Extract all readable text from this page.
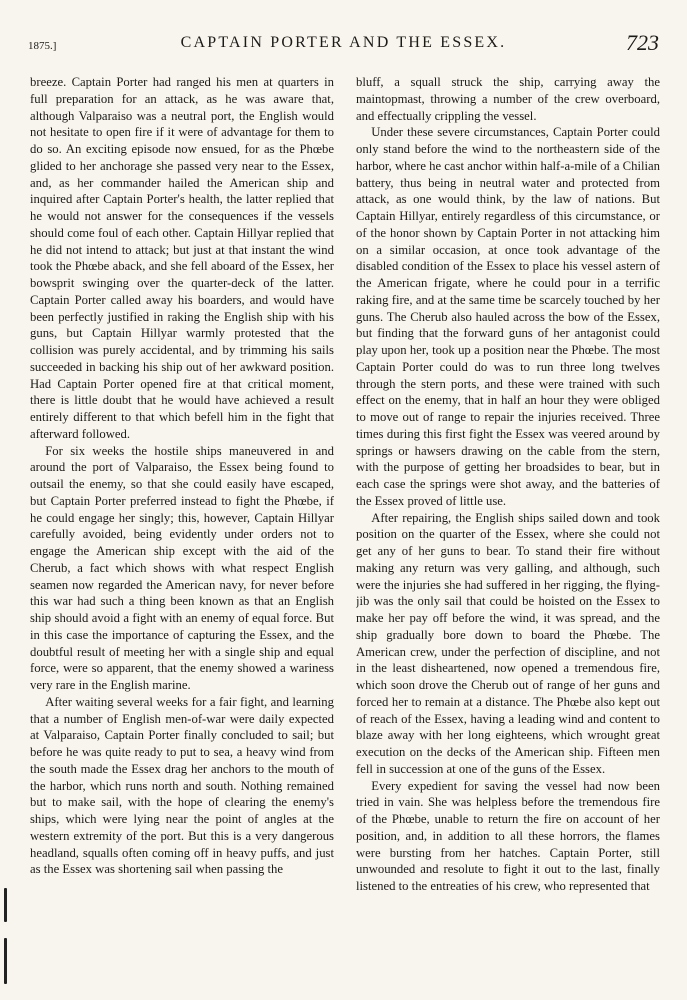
1875.]	CAPTAIN PORTER AND THE ESSEX.	723

breeze. Captain Porter had ranged his men at quarters in full preparation for an attack, as he was aware that, although Valparaiso was a neutral port, the English would not hesitate to open fire if it were of advantage for them to do so. An exciting episode now ensued, for as the Phœbe glided to her anchorage she passed very near to the Essex, and, as her commander hailed the American ship and inquired after Captain Porter's health, the latter replied that he would not answer for the consequences if the vessels should come foul of each other. Captain Hillyar replied that he did not intend to attack; but just at that instant the wind took the Phœbe aback, and she fell aboard of the Essex, her bowsprit swinging over the quarter-deck of the latter. Captain Porter called away his boarders, and would have been perfectly justified in raking the English ship with his guns, but Captain Hillyar warmly protested that the collision was purely accidental, and by trimming his sails succeeded in backing his ship out of her awkward position. Had Captain Porter opened fire at that critical moment, there is little doubt that he would have achieved a result entirely different to that which befell him in the fight that afterward followed.

For six weeks the hostile ships maneuvered in and around the port of Valparaiso, the Essex being found to outsail the enemy, so that she could easily have escaped, but Captain Porter preferred instead to fight the Phœbe, if he could engage her singly; this, however, Captain Hillyar carefully avoided, being evidently under orders not to engage the American ship except with the aid of the Cherub, a fact which shows with what respect English seamen now regarded the American navy, for never before this war had such a thing been known as that an English ship should avoid a fight with an enemy of equal force. But in this case the importance of capturing the Essex, and the doubtful result of meeting her with a single ship and equal force, were so apparent, that the enemy showed a wariness very rare in the English marine.

After waiting several weeks for a fair fight, and learning that a number of English men-of-war were daily expected at Valparaiso, Captain Porter finally concluded to sail; but before he was quite ready to put to sea, a heavy wind from the south made the Essex drag her anchors to the mouth of the harbor, which runs north and south. Nothing remained but to make sail, with the hope of clearing the enemy's ships, which were lying near the point of angles at the western extremity of the port. But this is a very dangerous headland, squalls often coming off in heavy puffs, and just as the Essex was shortening sail when passing the

bluff, a squall struck the ship, carrying away the maintopmast, throwing a number of the crew overboard, and effectually crippling the vessel.

Under these severe circumstances, Captain Porter could only stand before the wind to the northeastern side of the harbor, where he cast anchor within half-a-mile of a Chilian battery, thus being in neutral water and protected from attack, as one would think, by the law of nations. But Captain Hillyar, entirely regardless of this circumstance, or of the honor shown by Captain Porter in not attacking him on a similar occasion, at once took advantage of the disabled condition of the Essex to place his vessel astern of the American frigate, where he could pour in a terrific raking fire, and at the same time be scarcely touched by her guns. The Cherub also hauled across the bow of the Essex, but finding that the forward guns of her antagonist could play upon her, took up a position near the Phœbe. The most Captain Porter could do was to run three long twelves through the stern ports, and these were trained with such effect on the enemy, that in half an hour they were obliged to move out of range to repair the injuries received. Three times during this first fight the Essex was veered around by springs or hawsers drawing on the cable from the stern, with the purpose of getting her broadsides to bear, but in each case the springs were shot away, and the batteries of the Essex proved of little use.

After repairing, the English ships sailed down and took position on the quarter of the Essex, where she could not get any of her guns to bear. To stand their fire without making any return was very galling, and although, such were the injuries she had suffered in her rigging, the flying-jib was the only sail that could be hoisted on the Essex to make her pay off before the wind, it was spread, and the ship gradually bore down to board the Phœbe. The American crew, under the perfection of discipline, and not in the least disheartened, now opened a tremendous fire, which soon drove the Cherub out of range of her guns and forced her to remain at a distance. The Phœbe also kept out of reach of the Essex, having a leading wind and content to blaze away with her long eighteens, which wrought great execution on the decks of the American ship. Fifteen men fell in succession at one of the guns of the Essex.

Every expedient for saving the vessel had now been tried in vain. She was helpless before the tremendous fire of the Phœbe, unable to return the fire on account of her position, and, in addition to all these horrors, the flames were bursting from her hatches. Captain Porter, still unwounded and resolute to fight it out to the last, finally listened to the entreaties of his crew, who represented that
